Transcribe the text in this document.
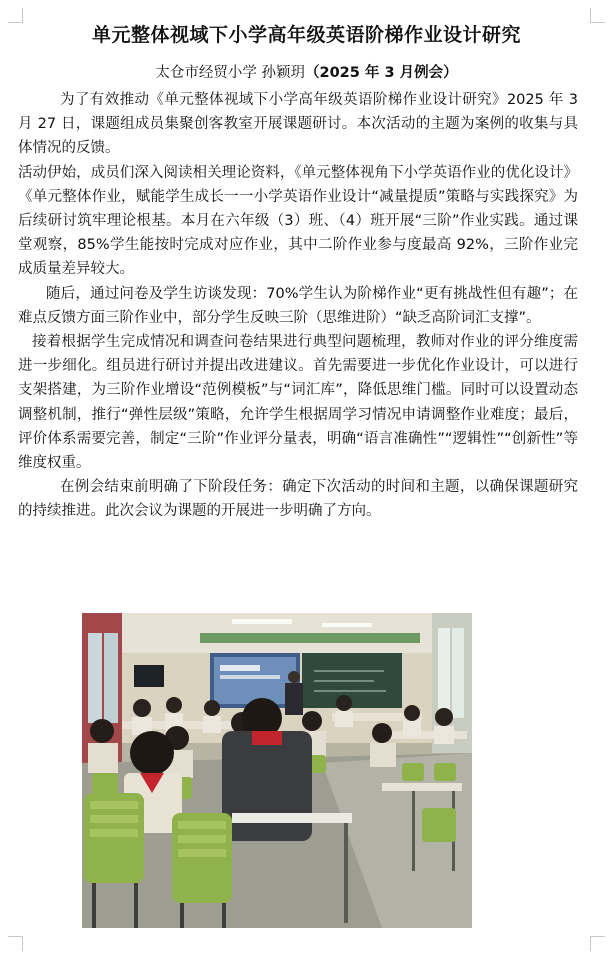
单元整体视域下小学高年级英语阶梯作业设计研究
太仓市经贸小学 孙颖玥（2025 年 3 月例会）

为了有效推动《单元整体视域下小学高年级英语阶梯作业设计研究》2025 年 3 月 27 日，课题组成员集聚创客教室开展课题研讨。本次活动的主题为案例的收集与具体情况的反馈。

活动伊始，成员们深入阅读相关理论资料，《单元整体视角下小学英语作业的优化设计》《单元整体作业，赋能学生成长一一小学英语作业设计“减量提质”策略与实践探究》为后续研讨筑牢理论根基。本月在六年级（3）班、（4）班开展“三阶”作业实践。通过课堂观察，85%学生能按时完成对应作业，其中二阶作业参与度最高 92%，三阶作业完成质量差异较大。

随后，通过问卷及学生访谈发现：70%学生认为阶梯作业“更有挑战性但有趣”；在难点反馈方面三阶作业中，部分学生反映三阶（思维进阶）“缺乏高阶词汇支撑”。

接着根据学生完成情况和调查问卷结果进行典型问题梳理，教师对作业的评分维度需进一步细化。组员进行研讨并提出改进建议。首先需要进一步优化作业设计，可以进行支架搭建，为三阶作业增设“范例模板”与“词汇库”，降低思维门槛。同时可以设置动态调整机制，推行“弹性层级”策略，允许学生根据周学习情况申请调整作业难度；最后，评价体系需要完善，制定“三阶”作业评分量表，明确“语言准确性”“逻辑性”“创新性”等维度权重。

在例会结束前明确了下阶段任务：确定下次活动的时间和主题，以确保课题研究的持续推进。此次会议为课题的开展进一步明确了方向。
